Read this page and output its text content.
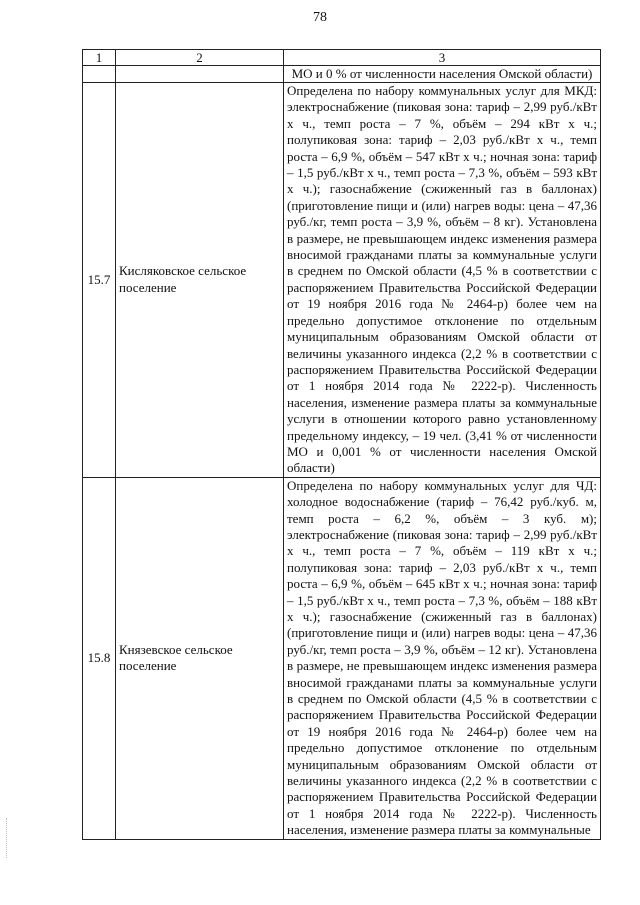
78
1	2	3
		МО и 0 % от численности населения Омской области)
15.7	Кисляковское сельское поселение	Определена по набору коммунальных услуг для МКД: электроснабжение (пиковая зона: тариф – 2,99 руб./кВт х ч., темп роста – 7 %, объём – 294 кВт х ч.; полупиковая зона: тариф – 2,03 руб./кВт х ч., темп роста – 6,9 %, объём – 547 кВт х ч.; ночная зона: тариф – 1,5 руб./кВт х ч., темп роста – 7,3 %, объём – 593 кВт х ч.); газоснабжение (сжиженный газ в баллонах) (приготовление пищи и (или) нагрев воды: цена – 47,36 руб./кг, темп роста – 3,9 %, объём – 8 кг). Установлена в размере, не превышающем индекс изменения размера вносимой гражданами платы за коммунальные услуги в среднем по Омской области (4,5 % в соответствии с распоряжением Правительства Российской Федерации от 19 ноября 2016 года № 2464-р) более чем на предельно допустимое отклонение по отдельным муниципальным образованиям Омской области от величины указанного индекса (2,2 % в соответствии с распоряжением Правительства Российской Федерации от 1 ноября 2014 года № 2222-р). Численность населения, изменение размера платы за коммунальные услуги в отношении которого равно установленному предельному индексу, – 19 чел. (3,41 % от численности МО и 0,001 % от численности населения Омской области)
15.8	Князевское сельское поселение	Определена по набору коммунальных услуг для ЧД: холодное водоснабжение (тариф – 76,42 руб./куб. м, темп роста – 6,2 %, объём – 3 куб. м); электроснабжение (пиковая зона: тариф – 2,99 руб./кВт х ч., темп роста – 7 %, объём – 119 кВт х ч.; полупиковая зона: тариф – 2,03 руб./кВт х ч., темп роста – 6,9 %, объём – 645 кВт х ч.; ночная зона: тариф – 1,5 руб./кВт х ч., темп роста – 7,3 %, объём – 188 кВт х ч.); газоснабжение (сжиженный газ в баллонах) (приготовление пищи и (или) нагрев воды: цена – 47,36 руб./кг, темп роста – 3,9 %, объём – 12 кг). Установлена в размере, не превышающем индекс изменения размера вносимой гражданами платы за коммунальные услуги в среднем по Омской области (4,5 % в соответствии с распоряжением Правительства Российской Федерации от 19 ноября 2016 года № 2464-р) более чем на предельно допустимое отклонение по отдельным муниципальным образованиям Омской области от величины указанного индекса (2,2 % в соответствии с распоряжением Правительства Российской Федерации от 1 ноября 2014 года № 2222-р). Численность населения, изменение размера платы за коммунальные
